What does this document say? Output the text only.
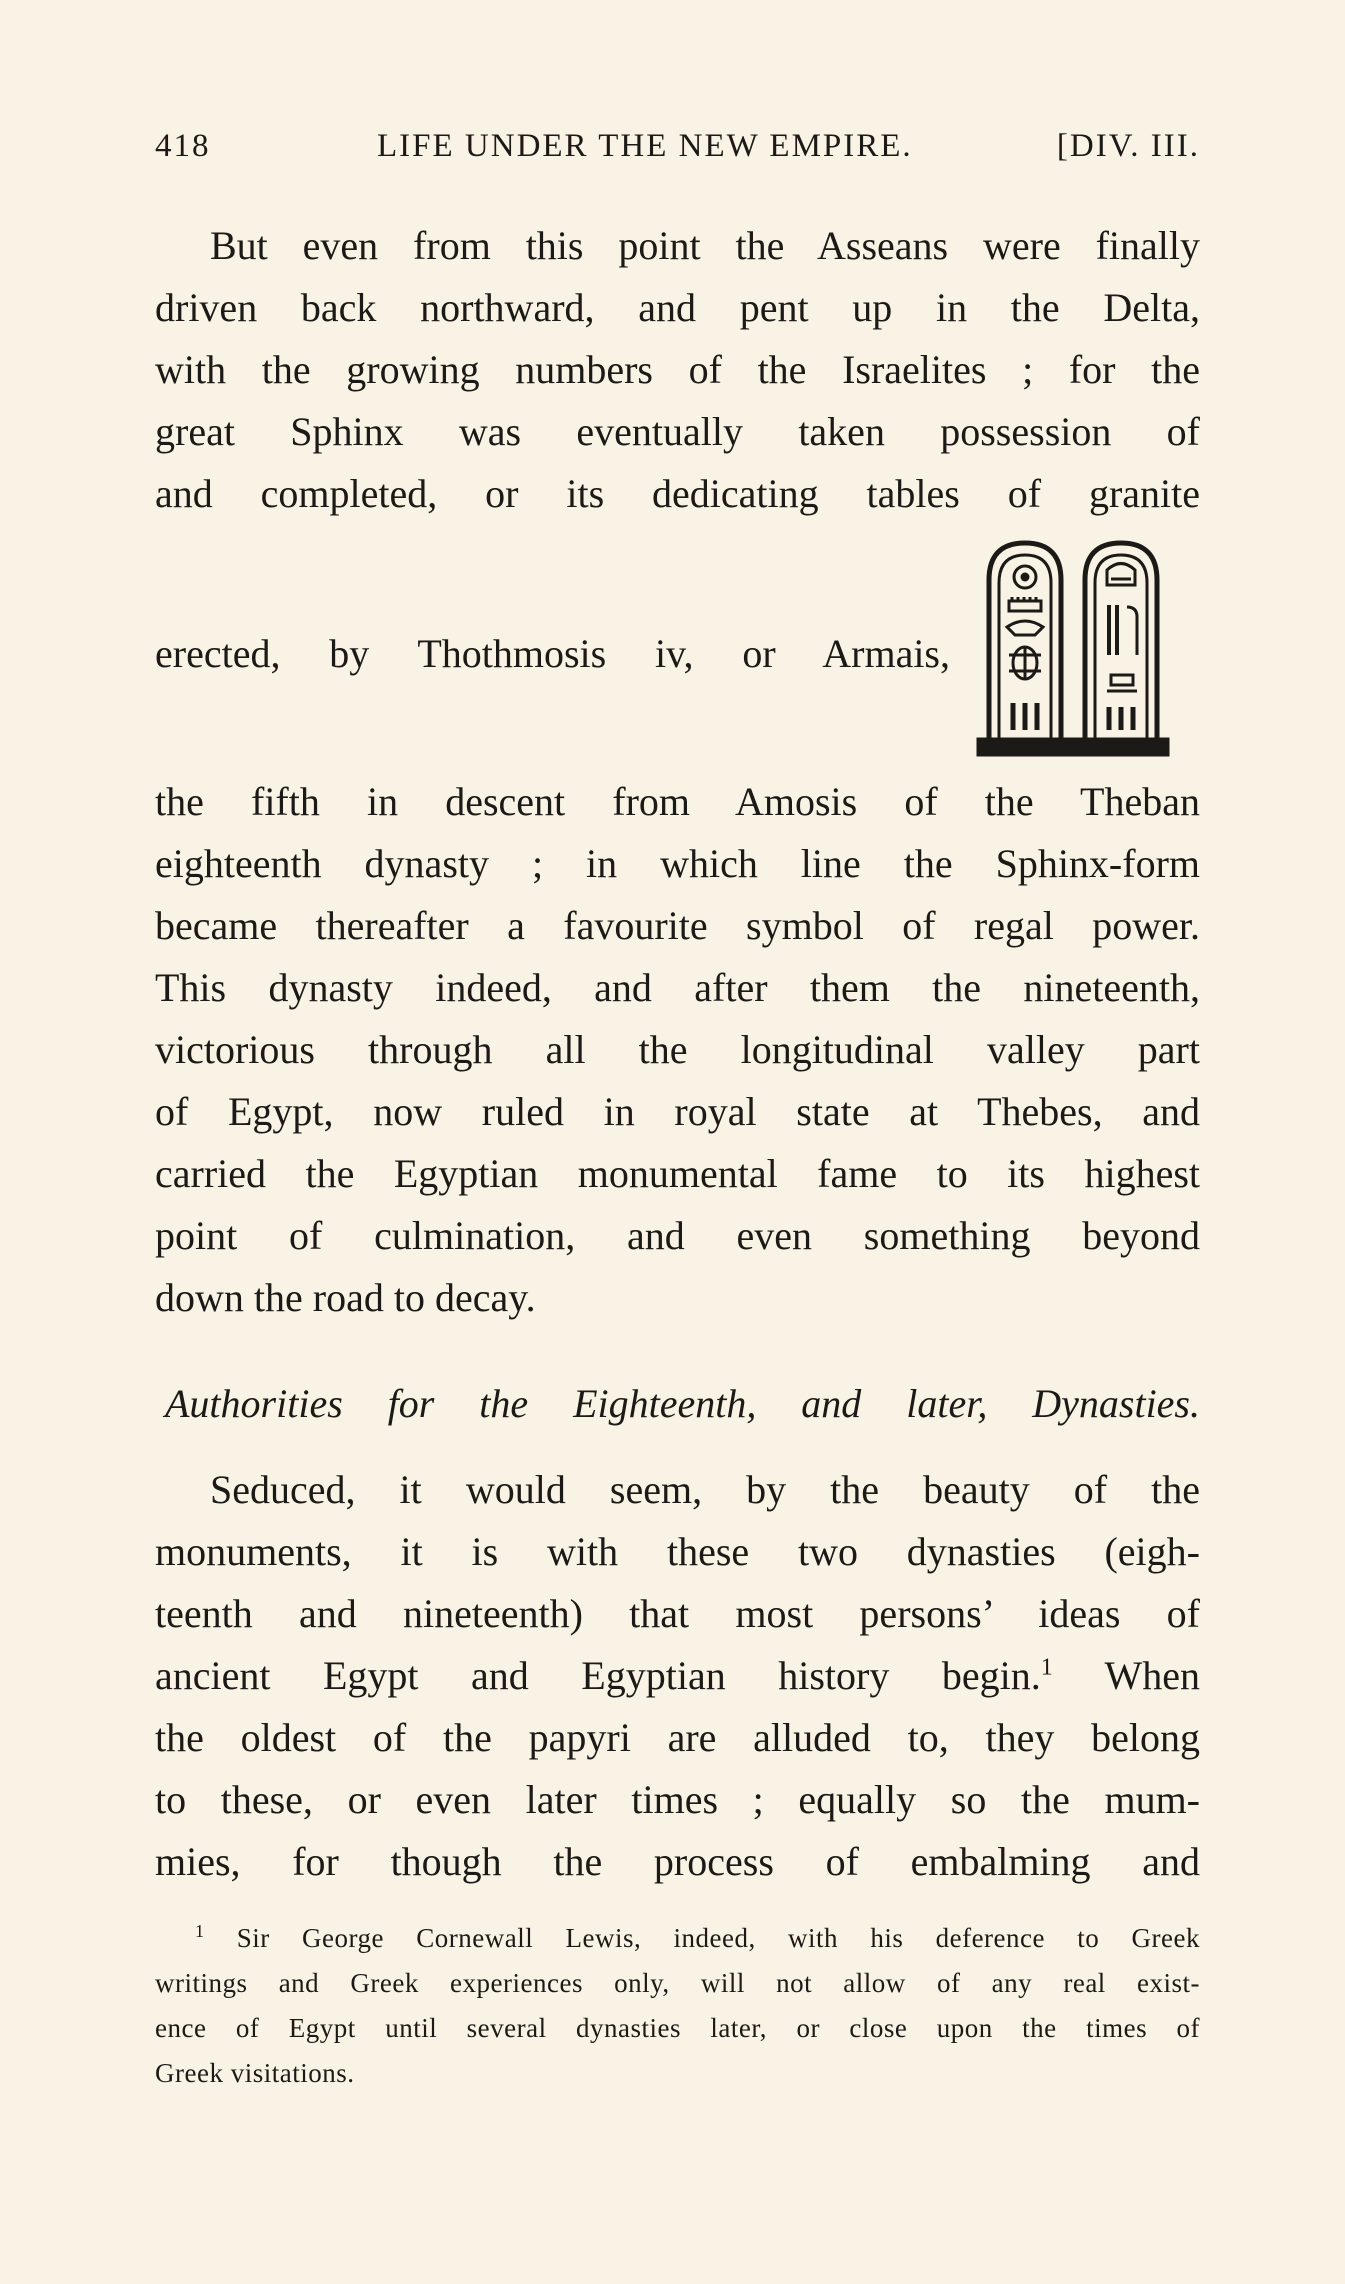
418	LIFE UNDER THE NEW EMPIRE.	[DIV. III.
But even from this point the Asseans were finally
driven back northward, and pent up in the Delta,
with the growing numbers of the Israelites ; for the
great Sphinx was eventually taken possession of
and completed, or its dedicating tables of granite
erected, by Thothmosis iv, or Armais,
the fifth in descent from Amosis of the Theban
eighteenth dynasty ; in which line the Sphinx-form
became thereafter a favourite symbol of regal power.
This dynasty indeed, and after them the nineteenth,
victorious through all the longitudinal valley part
of Egypt, now ruled in royal state at Thebes, and
carried the Egyptian monumental fame to its highest
point of culmination, and even something beyond
down the road to decay.
Authorities for the Eighteenth, and later, Dynasties.
Seduced, it would seem, by the beauty of the
monuments, it is with these two dynasties (eigh-
teenth and nineteenth) that most persons’ ideas of
ancient Egypt and Egyptian history begin.$^1$ When
the oldest of the papyri are alluded to, they belong
to these, or even later times ; equally so the mum-
mies, for though the process of embalming and
$^1$ Sir George Cornewall Lewis, indeed, with his deference to Greek
writings and Greek experiences only, will not allow of any real exist-
ence of Egypt until several dynasties later, or close upon the times of
Greek visitations.
